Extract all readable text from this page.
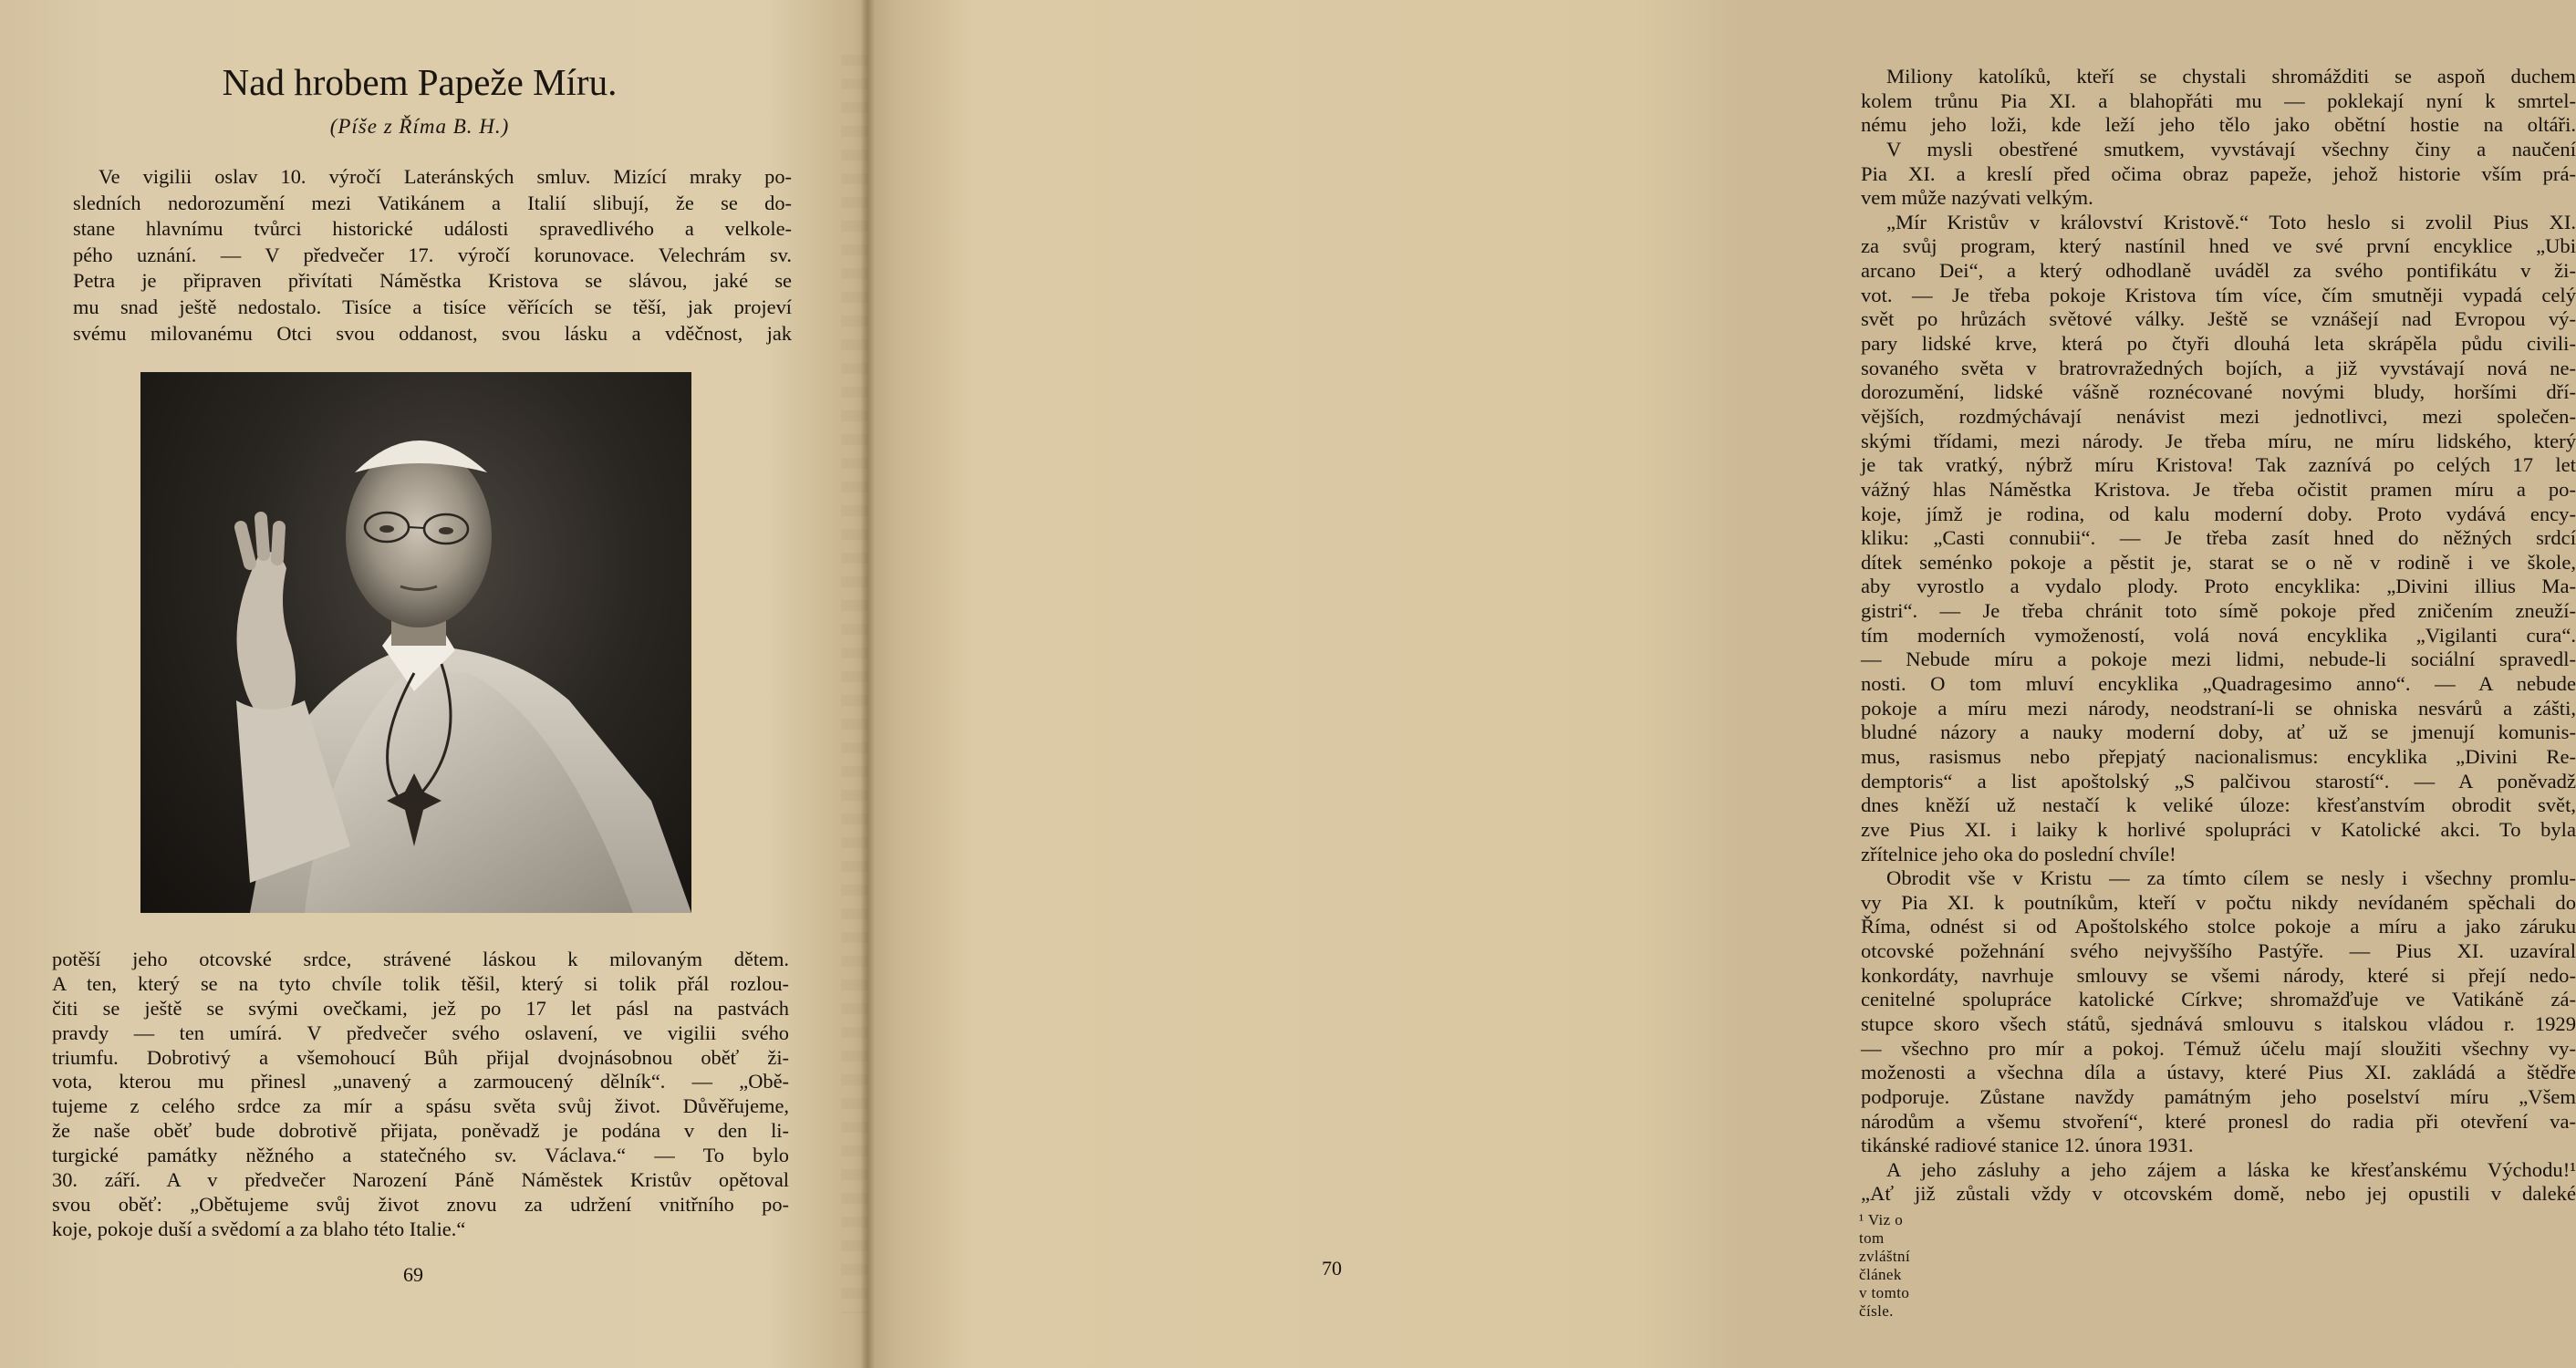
Nad hrobem Papeže Míru.
(Píše z Říma B. H.)
Ve vigilii oslav 10. výročí Lateránských smluv. Mizící mraky po-
sledních nedorozumění mezi Vatikánem a Italií slibují, že se do-
stane hlavnímu tvůrci historické události spravedlivého a velkole-
pého uznání. — V předvečer 17. výročí korunovace. Velechrám sv.
Petra je připraven přivítati Náměstka Kristova se slávou, jaké se
mu snad ještě nedostalo. Tisíce a tisíce věřících se těší, jak projeví
svému milovanému Otci svou oddanost, svou lásku a vděčnost, jak
potěší jeho otcovské srdce, strávené láskou k milovaným dětem.
A ten, který se na tyto chvíle tolik těšil, který si tolik přál rozlou-
čiti se ještě se svými ovečkami, jež po 17 let pásl na pastvách
pravdy — ten umírá. V předvečer svého oslavení, ve vigilii svého
triumfu. Dobrotivý a všemohoucí Bůh přijal dvojnásobnou oběť ži-
vota, kterou mu přinesl „unavený a zarmoucený dělník“. — „Obě-
tujeme z celého srdce za mír a spásu světa svůj život. Důvěřujeme,
že naše oběť bude dobrotivě přijata, poněvadž je podána v den li-
turgické památky něžného a statečného sv. Václava.“ — To bylo
30. září. A v předvečer Narození Páně Náměstek Kristův opětoval
svou oběť: „Obětujeme svůj život znovu za udržení vnitřního po-
koje, pokoje duší a svědomí a za blaho této Italie.“
69
Miliony katolíků, kteří se chystali shromážditi se aspoň duchem
kolem trůnu Pia XI. a blahopřáti mu — poklekají nyní k smrtel-
nému jeho loži, kde leží jeho tělo jako obětní hostie na oltáři.
V mysli obestřené smutkem, vyvstávají všechny činy a naučení
Pia XI. a kreslí před očima obraz papeže, jehož historie vším prá-
vem může nazývati velkým.
„Mír Kristův v království Kristově.“ Toto heslo si zvolil Pius XI.
za svůj program, který nastínil hned ve své první encyklice „Ubi
arcano Dei“, a který odhodlaně uváděl za svého pontifikátu v ži-
vot. — Je třeba pokoje Kristova tím více, čím smutněji vypadá celý
svět po hrůzách světové války. Ještě se vznášejí nad Evropou vý-
pary lidské krve, která po čtyři dlouhá leta skrápěla půdu civili-
sovaného světa v bratrovražedných bojích, a již vyvstávají nová ne-
dorozumění, lidské vášně roznécované novými bludy, horšími dří-
vějších, rozdmýchávají nenávist mezi jednotlivci, mezi společen-
skými třídami, mezi národy. Je třeba míru, ne míru lidského, který
je tak vratký, nýbrž míru Kristova! Tak zaznívá po celých 17 let
vážný hlas Náměstka Kristova. Je třeba očistit pramen míru a po-
koje, jímž je rodina, od kalu moderní doby. Proto vydává ency-
kliku: „Casti connubii“. — Je třeba zasít hned do něžných srdcí
dítek seménko pokoje a pěstit je, starat se o ně v rodině i ve škole,
aby vyrostlo a vydalo plody. Proto encyklika: „Divini illius Ma-
gistri“. — Je třeba chránit toto símě pokoje před zničením zneuží-
tím moderních vymožeností, volá nová encyklika „Vigilanti cura“.
— Nebude míru a pokoje mezi lidmi, nebude-li sociální spravedl-
nosti. O tom mluví encyklika „Quadragesimo anno“. — A nebude
pokoje a míru mezi národy, neodstraní-li se ohniska nesvárů a zášti,
bludné názory a nauky moderní doby, ať už se jmenují komunis-
mus, rasismus nebo přepjatý nacionalismus: encyklika „Divini Re-
demptoris“ a list apoštolský „S palčivou starostí“. — A poněvadž
dnes kněží už nestačí k veliké úloze: křesťanstvím obrodit svět,
zve Pius XI. i laiky k horlivé spolupráci v Katolické akci. To byla
zřítelnice jeho oka do poslední chvíle!
Obrodit vše v Kristu — za tímto cílem se nesly i všechny promlu-
vy Pia XI. k poutníkům, kteří v počtu nikdy nevídaném spěchali do
Říma, odnést si od Apoštolského stolce pokoje a míru a jako záruku
otcovské požehnání svého nejvyššího Pastýře. — Pius XI. uzavíral
konkordáty, navrhuje smlouvy se všemi národy, které si přejí nedo-
cenitelné spolupráce katolické Církve; shromažďuje ve Vatikáně zá-
stupce skoro všech států, sjednává smlouvu s italskou vládou r. 1929
— všechno pro mír a pokoj. Témuž účelu mají sloužiti všechny vy-
moženosti a všechna díla a ústavy, které Pius XI. zakládá a štědře
podporuje. Zůstane navždy památným jeho poselství míru „Všem
národům a všemu stvoření“, které pronesl do radia při otevření va-
tikánské radiové stanice 12. února 1931.
A jeho zásluhy a jeho zájem a láska ke křesťanskému Východu!¹
„Ať již zůstali vždy v otcovském domě, nebo jej opustili v daleké
¹ Viz o tom zvláštní článek v tomto čísle.
70
